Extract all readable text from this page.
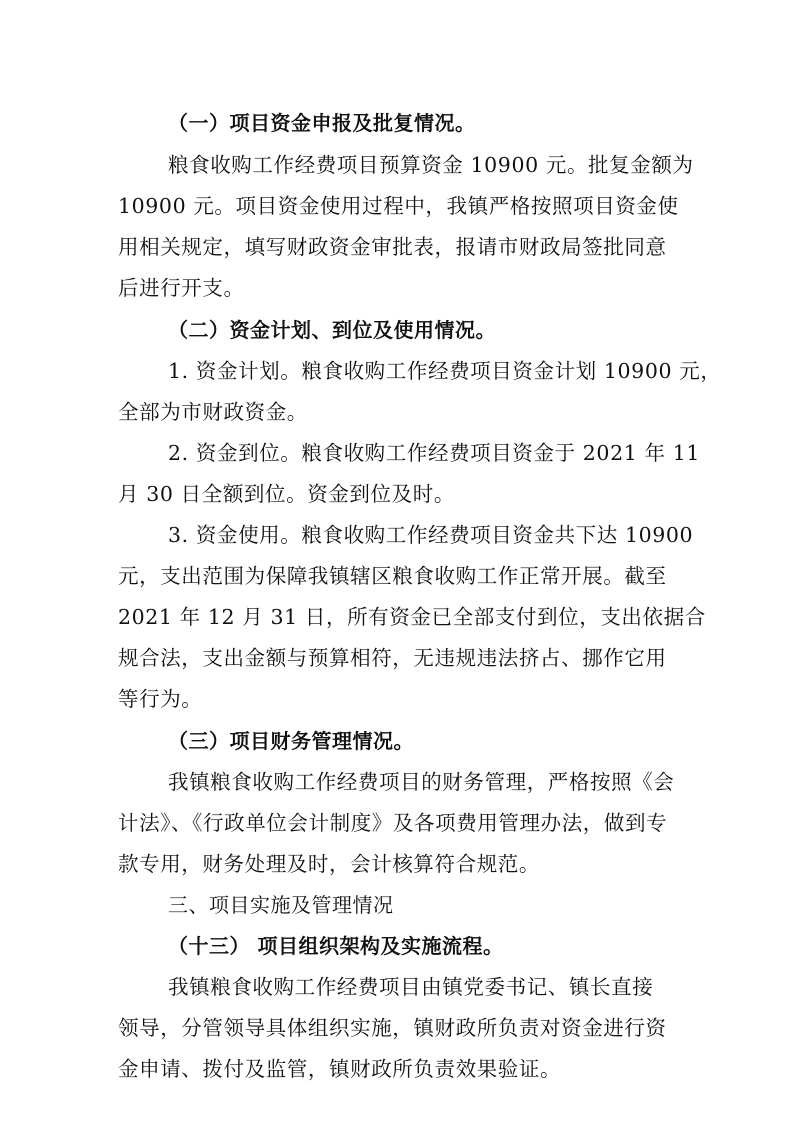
（一）项目资金申报及批复情况。
粮食收购工作经费项目预算资金 10900 元。批复金额为
10900 元。项目资金使用过程中，我镇严格按照项目资金使
用相关规定，填写财政资金审批表，报请市财政局签批同意
后进行开支。
（二）资金计划、到位及使用情况。
1. 资金计划。粮食收购工作经费项目资金计划 10900 元，
全部为市财政资金。
2. 资金到位。粮食收购工作经费项目资金于 2021 年 11
月 30 日全额到位。资金到位及时。
3. 资金使用。粮食收购工作经费项目资金共下达 10900
元，支出范围为保障我镇辖区粮食收购工作正常开展。截至
2021 年 12 月 31 日，所有资金已全部支付到位，支出依据合
规合法，支出金额与预算相符，无违规违法挤占、挪作它用
等行为。
（三）项目财务管理情况。
我镇粮食收购工作经费项目的财务管理，严格按照《会
计法》、《行政单位会计制度》及各项费用管理办法，做到专
款专用，财务处理及时，会计核算符合规范。
三、项目实施及管理情况
（十三） 项目组织架构及实施流程。
我镇粮食收购工作经费项目由镇党委书记、镇长直接
领导，分管领导具体组织实施，镇财政所负责对资金进行资
金申请、拨付及监管，镇财政所负责效果验证。
